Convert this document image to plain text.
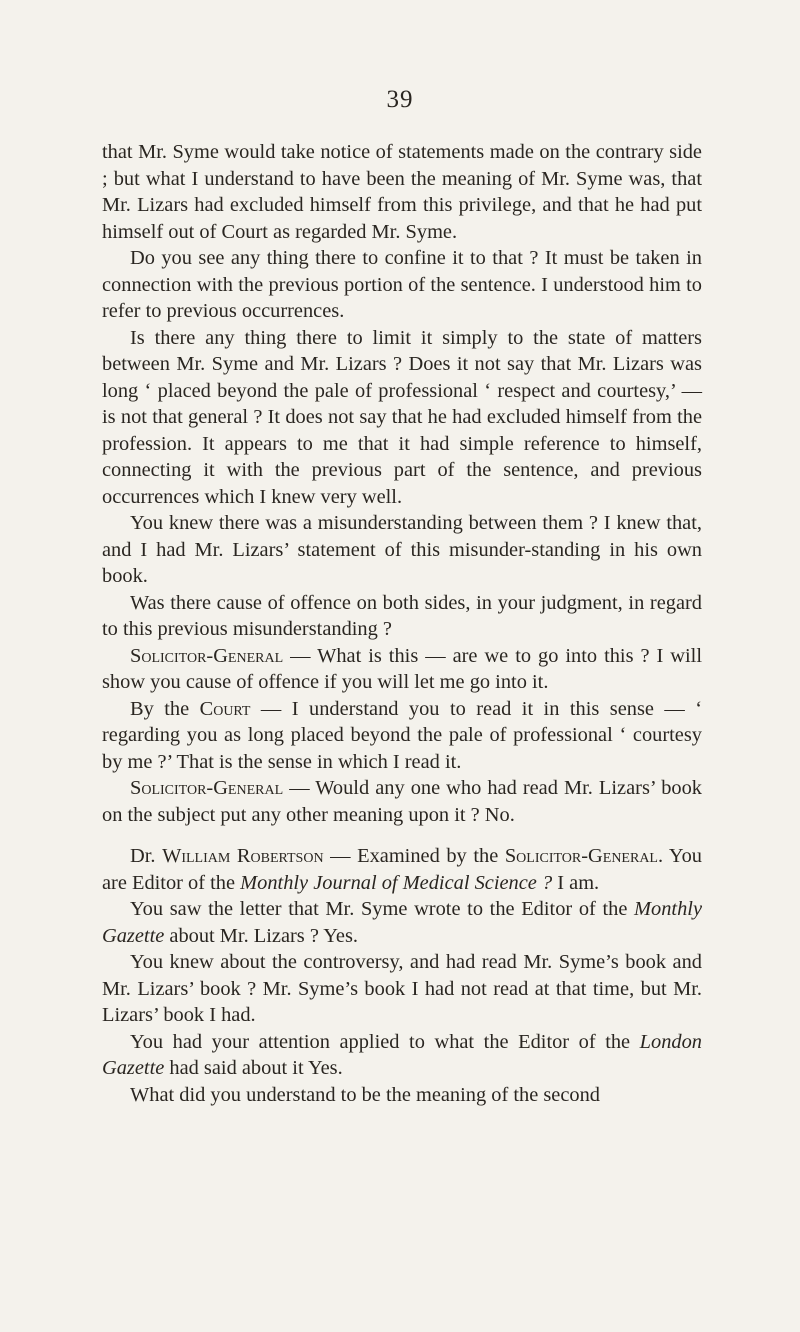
39

that Mr. Syme would take notice of statements made on the contrary side ; but what I understand to have been the meaning of Mr. Syme was, that Mr. Lizars had excluded himself from this privilege, and that he had put himself out of Court as regarded Mr. Syme.

Do you see any thing there to confine it to that ? It must be taken in connection with the previous portion of the sentence. I understood him to refer to previous occurrences.

Is there any thing there to limit it simply to the state of matters between Mr. Syme and Mr. Lizars ? Does it not say that Mr. Lizars was long ‘ placed beyond the pale of professional ‘ respect and courtesy,’ — is not that general ? It does not say that he had excluded himself from the profession. It appears to me that it had simple reference to himself, connecting it with the previous part of the sentence, and previous occurrences which I knew very well.

You knew there was a misunderstanding between them ? I knew that, and I had Mr. Lizars’ statement of this misunder-standing in his own book.

Was there cause of offence on both sides, in your judgment, in regard to this previous misunderstanding ?

Solicitor-General — What is this — are we to go into this ? I will show you cause of offence if you will let me go into it.

By the Court — I understand you to read it in this sense — ‘ regarding you as long placed beyond the pale of professional ‘ courtesy by me ?’ That is the sense in which I read it.

Solicitor-General — Would any one who had read Mr. Lizars’ book on the subject put any other meaning upon it ? No.

Dr. William Robertson — Examined by the Solicitor-General. You are Editor of the Monthly Journal of Medical Science ? I am.

You saw the letter that Mr. Syme wrote to the Editor of the Monthly Gazette about Mr. Lizars ? Yes.

You knew about the controversy, and had read Mr. Syme’s book and Mr. Lizars’ book ? Mr. Syme’s book I had not read at that time, but Mr. Lizars’ book I had.

You had your attention applied to what the Editor of the London Gazette had said about it Yes.

What did you understand to be the meaning of the second
